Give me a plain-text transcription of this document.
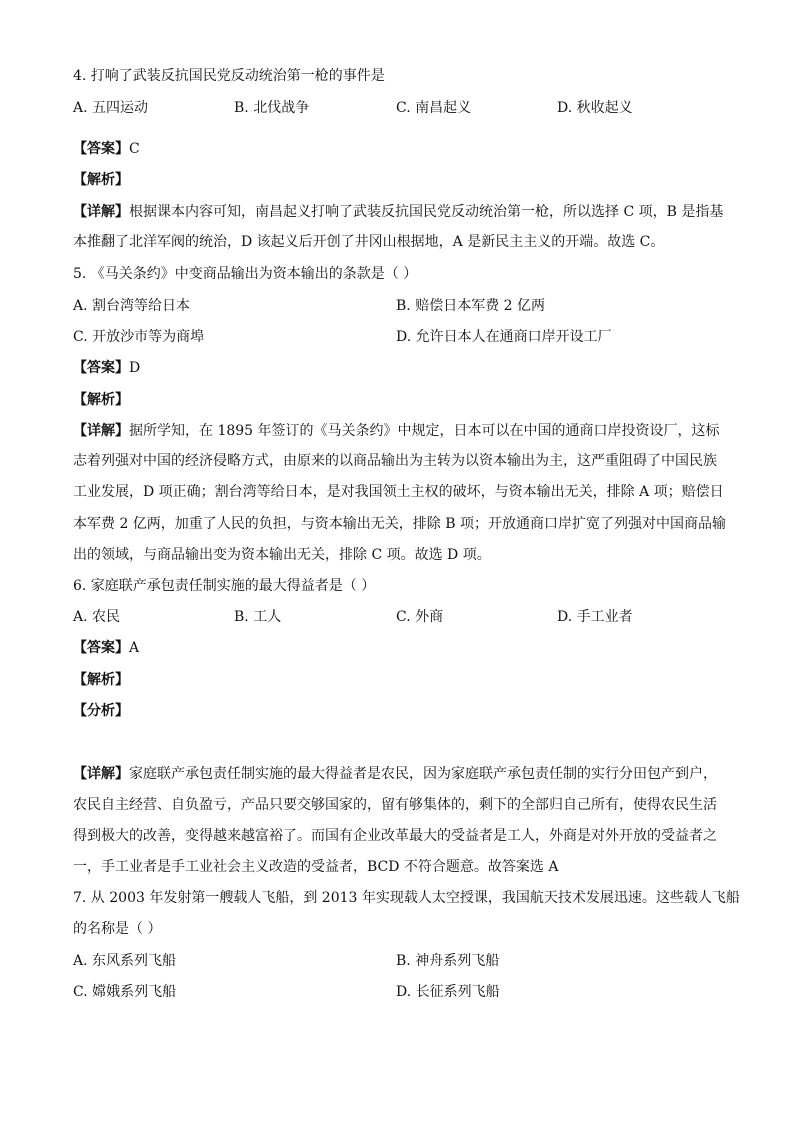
4. 打响了武装反抗国民党反动统治第一枪的事件是
A. 五四运动	B. 北伐战争	C. 南昌起义	D. 秋收起义
【答案】C
【解析】
【详解】根据课本内容可知，南昌起义打响了武装反抗国民党反动统治第一枪，所以选择 C 项，B 是指基
本推翻了北洋军阀的统治，D 该起义后开创了井冈山根据地，A 是新民主主义的开端。故选 C。
5. 《马关条约》中变商品输出为资本输出的条款是（ ）
A. 割台湾等给日本	B. 赔偿日本军费 2 亿两
C. 开放沙市等为商埠	D. 允许日本人在通商口岸开设工厂
【答案】D
【解析】
【详解】据所学知，在 1895 年签订的《马关条约》中规定，日本可以在中国的通商口岸投资设厂，这标
志着列强对中国的经济侵略方式，由原来的以商品输出为主转为以资本输出为主，这严重阻碍了中国民族
工业发展，D 项正确；割台湾等给日本，是对我国领土主权的破坏，与资本输出无关，排除 A 项；赔偿日
本军费 2 亿两，加重了人民的负担，与资本输出无关，排除 B 项；开放通商口岸扩宽了列强对中国商品输
出的领域，与商品输出变为资本输出无关，排除 C 项。故选 D 项。
6. 家庭联产承包责任制实施的最大得益者是（ ）
A. 农民	B. 工人	C. 外商	D. 手工业者
【答案】A
【解析】
【分析】
【详解】家庭联产承包责任制实施的最大得益者是农民，因为家庭联产承包责任制的实行分田包产到户，
农民自主经营、自负盈亏，产品只要交够国家的，留有够集体的，剩下的全部归自己所有，使得农民生活
得到极大的改善，变得越来越富裕了。而国有企业改革最大的受益者是工人，外商是对外开放的受益者之
一，手工业者是手工业社会主义改造的受益者，BCD 不符合题意。故答案选 A
7. 从 2003 年发射第一艘载人飞船，到 2013 年实现载人太空授课，我国航天技术发展迅速。这些载人飞船
的名称是（ ）
A. 东风系列飞船	B. 神舟系列飞船
C. 嫦娥系列飞船	D. 长征系列飞船
